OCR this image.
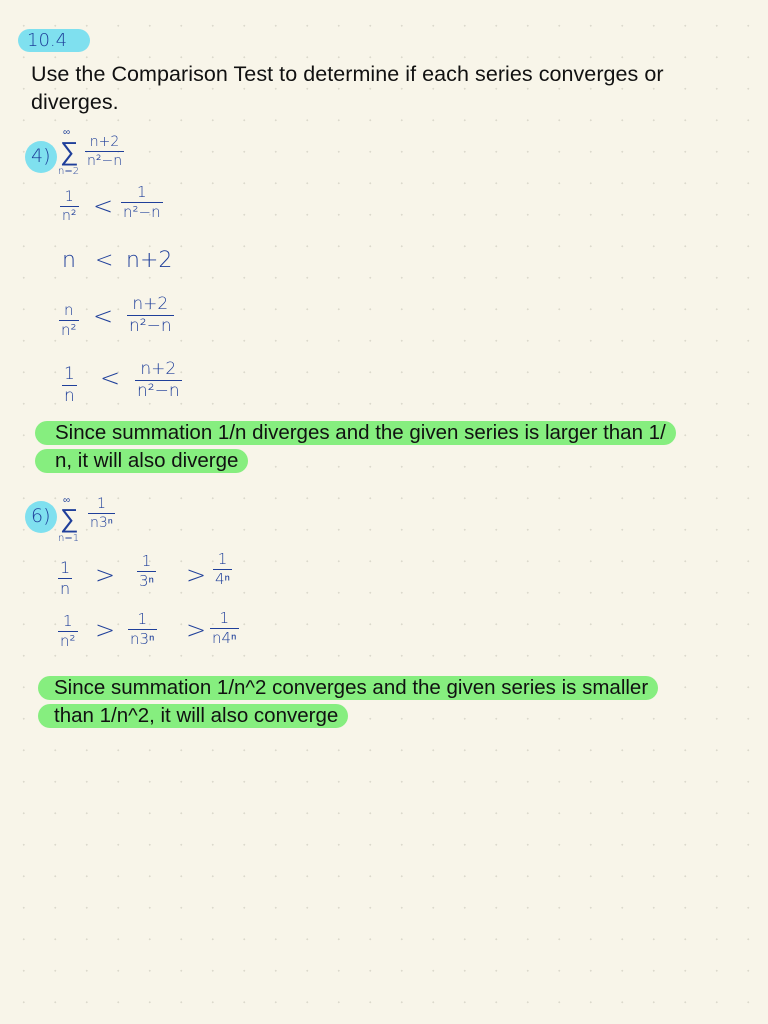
10.4
Use the Comparison Test to determine if each series converges or diverges.
4)
∞
∑
n=2
$\frac{n+2}{\text{n²−n}}$
$\frac{1}{\text{n²}} < \frac{1}{\text{n²−n}}$
n < n+2
$\frac{n}{\text{n²}} < \frac{n+2}{\text{n²−n}}$
$\frac{1}{n} < \frac{n+2}{\text{n²−n}}$
Since summation 1/n diverges and the given series is larger than 1/
n, it will also diverge
6)
∞
∑
n=1
$\frac{1}{\text{n3ⁿ}}$
$\frac{1}{n} > \frac{1}{\text{3ⁿ}} > \frac{1}{\text{4ⁿ}}$
$\frac{1}{\text{n²}} > \frac{1}{\text{n3ⁿ}} > \frac{1}{\text{n4ⁿ}}$
Since summation 1/n^2 converges and the given series is smaller
than 1/n^2, it will also converge
